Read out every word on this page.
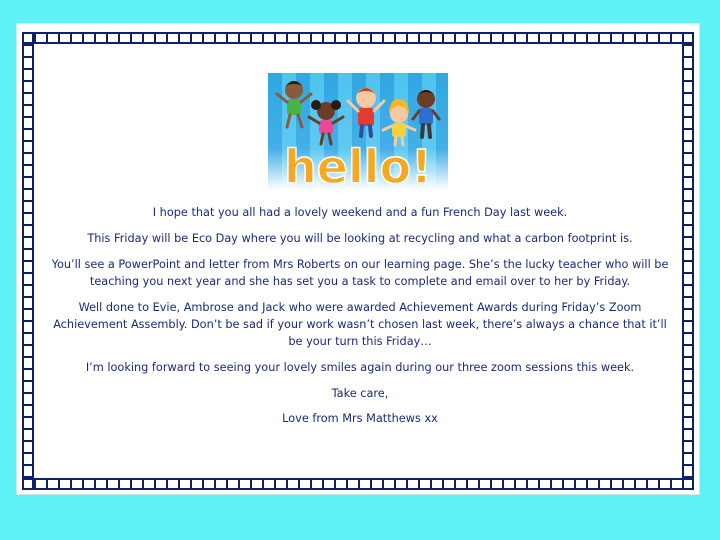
hello!

I hope that you all had a lovely weekend and a fun French Day last week.

This Friday will be Eco Day where you will be looking at recycling and what a carbon footprint is.

You’ll see a PowerPoint and letter from Mrs Roberts on our learning page. She’s the lucky teacher who will be teaching you next year and she has set you a task to complete and email over to her by Friday.

Well done to Evie, Ambrose and Jack who were awarded Achievement Awards during Friday’s Zoom Achievement Assembly. Don’t be sad if your work wasn’t chosen last week, there’s always a chance that it’ll be your turn this Friday…

I’m looking forward to seeing your lovely smiles again during our three zoom sessions this week.

Take care,

Love from Mrs Matthews xx
